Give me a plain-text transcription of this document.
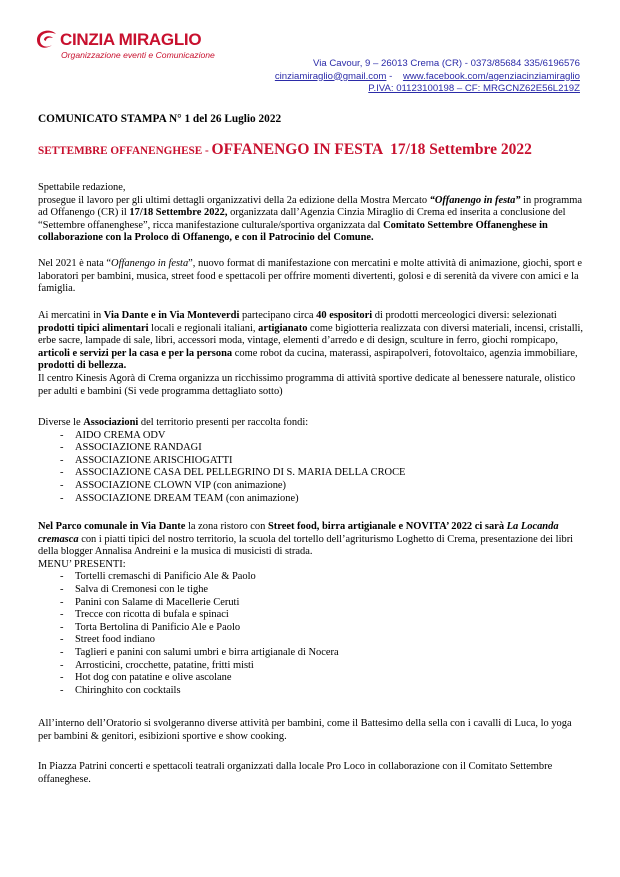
CINZIA MIRAGLIO
Organizzazione eventi e Comunicazione
Via Cavour, 9 – 26013 Crema (CR) - 0373/85684 335/6196576
cinziamiraglio@gmail.com -    www.facebook.com/agenziacinziamiraglio
P.IVA: 01123100198 – CF: MRGCNZ62E56L219Z
COMUNICATO STAMPA N° 1 del 26 Luglio 2022
SETTEMBRE OFFANENGHESE - OFFANENGO IN FESTA  17/18 Settembre 2022

Spettabile redazione,

prosegue il lavoro per gli ultimi dettagli organizzativi della 2a edizione della Mostra Mercato “Offanengo in festa” in programma ad Offanengo (CR) il 17/18 Settembre 2022, organizzata dall’Agenzia Cinzia Miraglio di Crema ed inserita a conclusione del “Settembre offanenghese”, ricca manifestazione culturale/sportiva organizzata dal Comitato Settembre Offanenghese in collaborazione con la Proloco di Offanengo, e con il Patrocinio del Comune.

Nel 2021 è nata “Offanengo in festa”, nuovo format di manifestazione con mercatini e molte attività di animazione, giochi, sport e laboratori per bambini, musica, street food e spettacoli per offrire momenti divertenti, golosi e di serenità da vivere con amici e la famiglia.

Ai mercatini in Via Dante e in Via Monteverdi partecipano circa 40 espositori di prodotti merceologici diversi: selezionati prodotti tipici alimentari locali e regionali italiani, artigianato come bigiotteria realizzata con diversi materiali, incensi, cristalli, erbe sacre, lampade di sale, libri, accessori moda, vintage, elementi d’arredo e di design, sculture in ferro, giochi rompicapo, articoli e servizi per la casa e per la persona come robot da cucina, materassi, aspirapolveri, fotovoltaico, agenzia immobiliare, prodotti di bellezza.

Il centro Kinesis Agorà di Crema organizza un ricchissimo programma di attività sportive dedicate al benessere naturale, olistico per adulti e bambini (Si vede programma dettagliato sotto)

Diverse le Associazioni del territorio presenti per raccolta fondi:

- AIDO CREMA ODV
- ASSOCIAZIONE RANDAGI
- ASSOCIAZIONE ARISCHIOGATTI
- ASSOCIAZIONE CASA DEL PELLEGRINO DI S. MARIA DELLA CROCE
- ASSOCIAZIONE CLOWN VIP (con animazione)
- ASSOCIAZIONE DREAM TEAM (con animazione)

Nel Parco comunale in Via Dante la zona ristoro con Street food, birra artigianale e NOVITA’ 2022 ci sarà La Locanda cremasca con i piatti tipici del nostro territorio, la scuola del tortello dell’agriturismo Loghetto di Crema, presentazione dei libri della blogger Annalisa Andreini e la musica di musicisti di strada.

MENU’ PRESENTI:

- Tortelli cremaschi di Panificio Ale & Paolo
- Salva di Cremonesi con le tighe
- Panini con Salame di Macellerie Ceruti
- Trecce con ricotta di bufala e spinaci
- Torta Bertolina di Panificio Ale e Paolo
- Street food indiano
- Taglieri e panini con salumi umbri e birra artigianale di Nocera
- Arrosticini, crocchette, patatine, fritti misti
- Hot dog con patatine e olive ascolane
- Chiringhito con cocktails
All’interno dell’Oratorio si svolgeranno diverse attività per bambini, come il Battesimo della sella con i cavalli di Luca, lo yoga per bambini & genitori, esibizioni sportive e show cooking.
In Piazza Patrini concerti e spettacoli teatrali organizzati dalla locale Pro Loco in collaborazione con il Comitato Settembre offaneghese.
